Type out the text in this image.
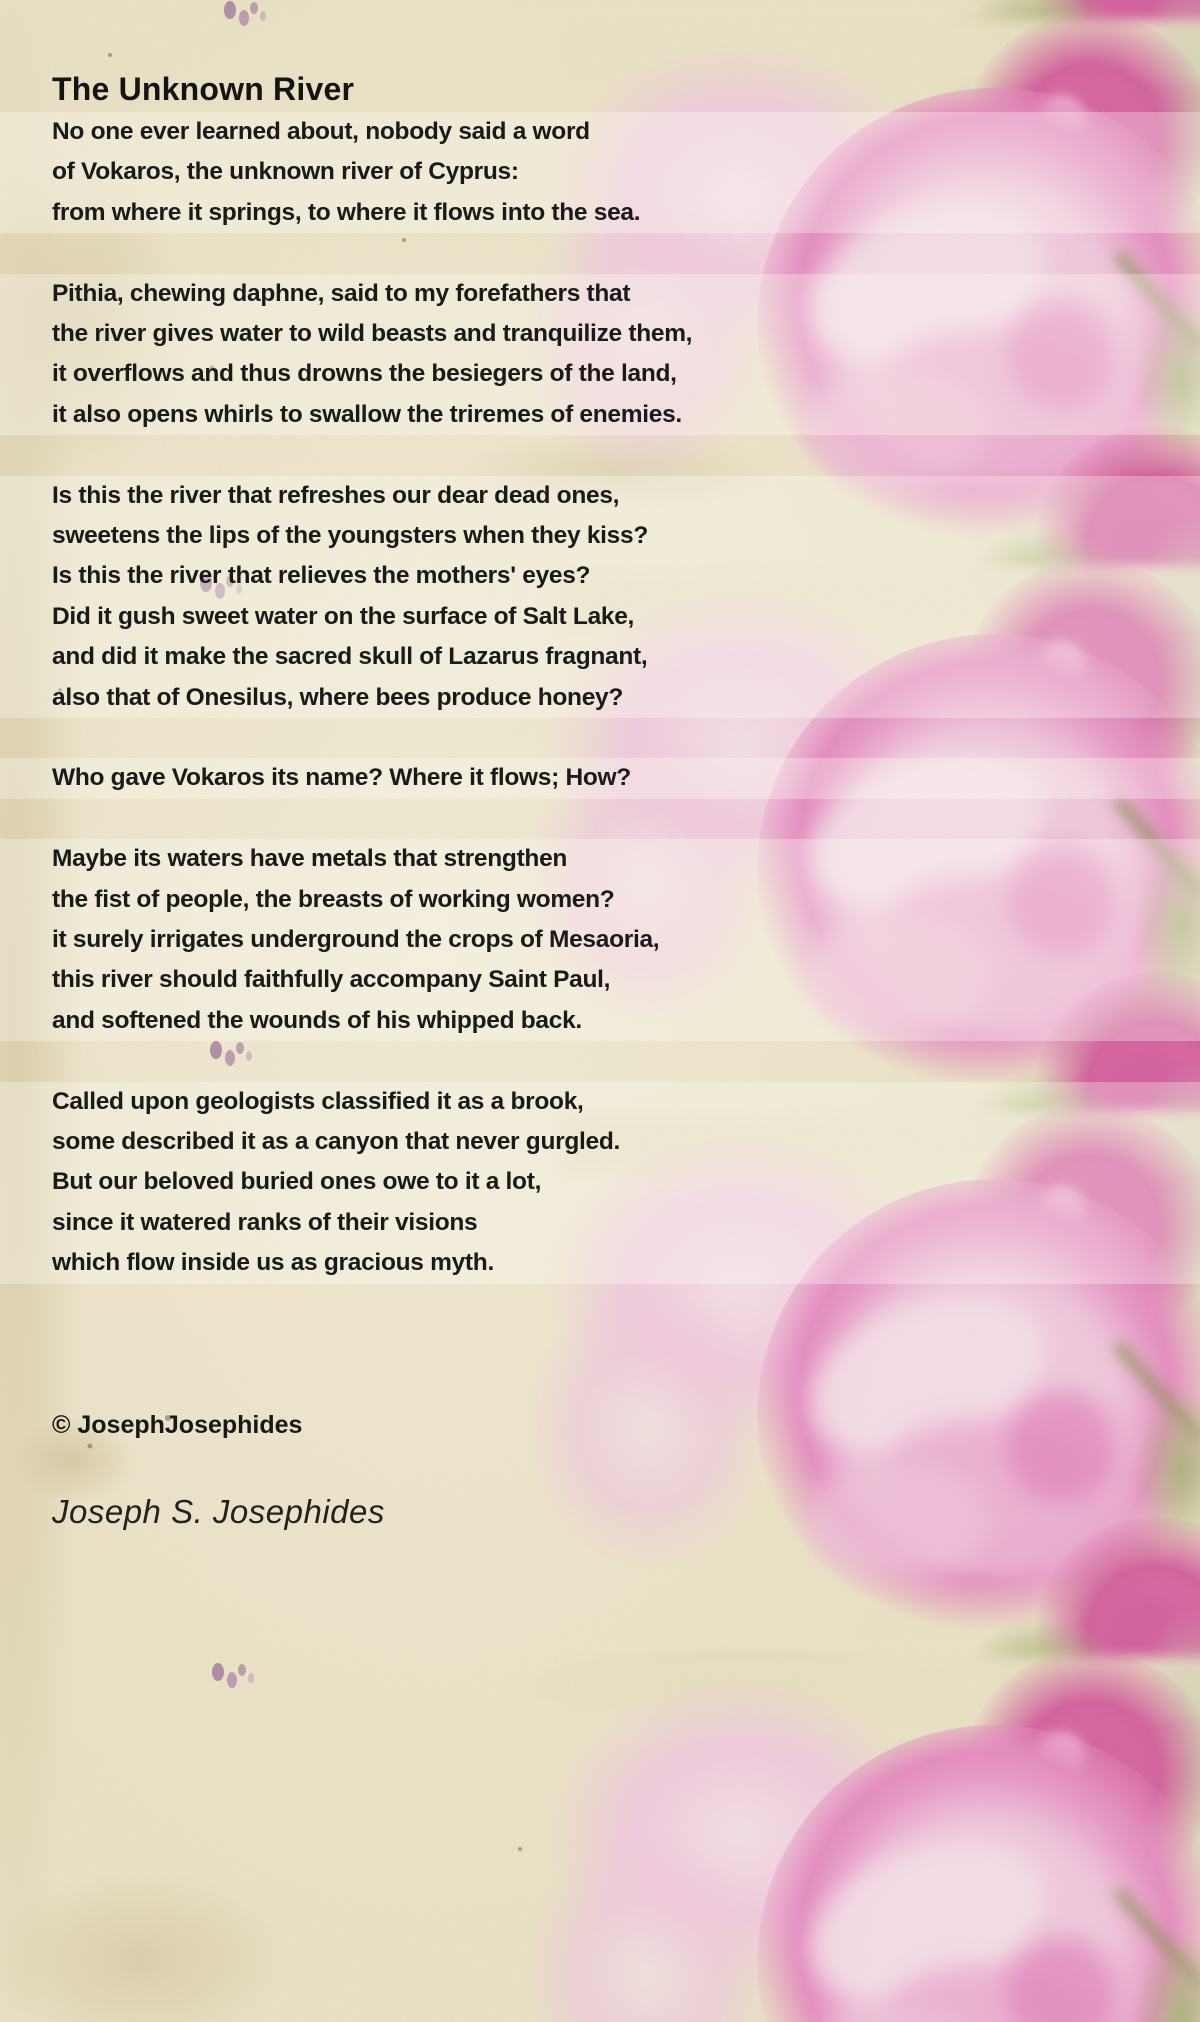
The Unknown River
No one ever learned about, nobody said a word
of Vokaros, the unknown river of Cyprus:
from where it springs, to where it flows into the sea.
Pithia, chewing daphne, said to my forefathers that
the river gives water to wild beasts and tranquilize them,
it overflows and thus drowns the besiegers of the land,
it also opens whirls to swallow the triremes of enemies.
Is this the river that refreshes our dear dead ones,
sweetens the lips of the youngsters when they kiss?
Is this the river that relieves the mothers' eyes?
Did it gush sweet water on the surface of Salt Lake,
and did it make the sacred skull of Lazarus fragnant,
also that of Onesilus, where bees produce honey?
Who gave Vokaros its name? Where it flows; How?
Maybe its waters have metals that strengthen
the fist of people, the breasts of working women?
it surely irrigates underground the crops of Mesaoria,
this river should faithfully accompany Saint Paul,
and softened the wounds of his whipped back.
Called upon geologists classified it as a brook,
some described it as a canyon that never gurgled.
But our beloved buried ones owe to it a lot,
since it watered ranks of their visions
which flow inside us as gracious myth.
© JosephJosephides
Joseph S. Josephides
